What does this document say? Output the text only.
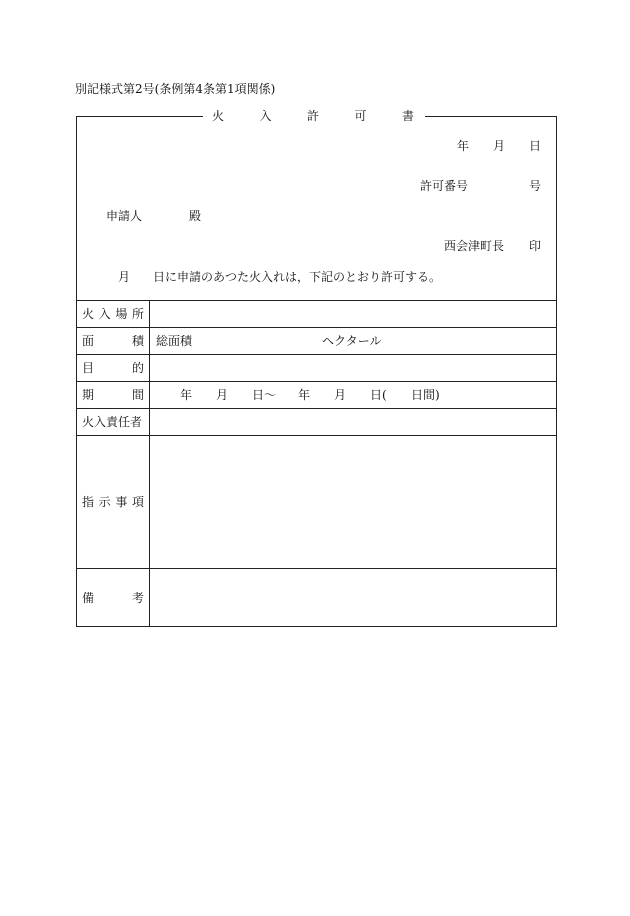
別記様式第2号(条例第4条第1項関係)
火	入	許	可	書
年 月 日
許可番号	号
申請人	殿
西会津町長 印
月 日に申請のあつた火入れは，下記のとおり許可する。
火 入 場 所
面	積 総面積	ヘクタール
目	的
期	間	年 月 日〜 年 月 日( 日間)
火入責任者
指 示 事 項
備	考
